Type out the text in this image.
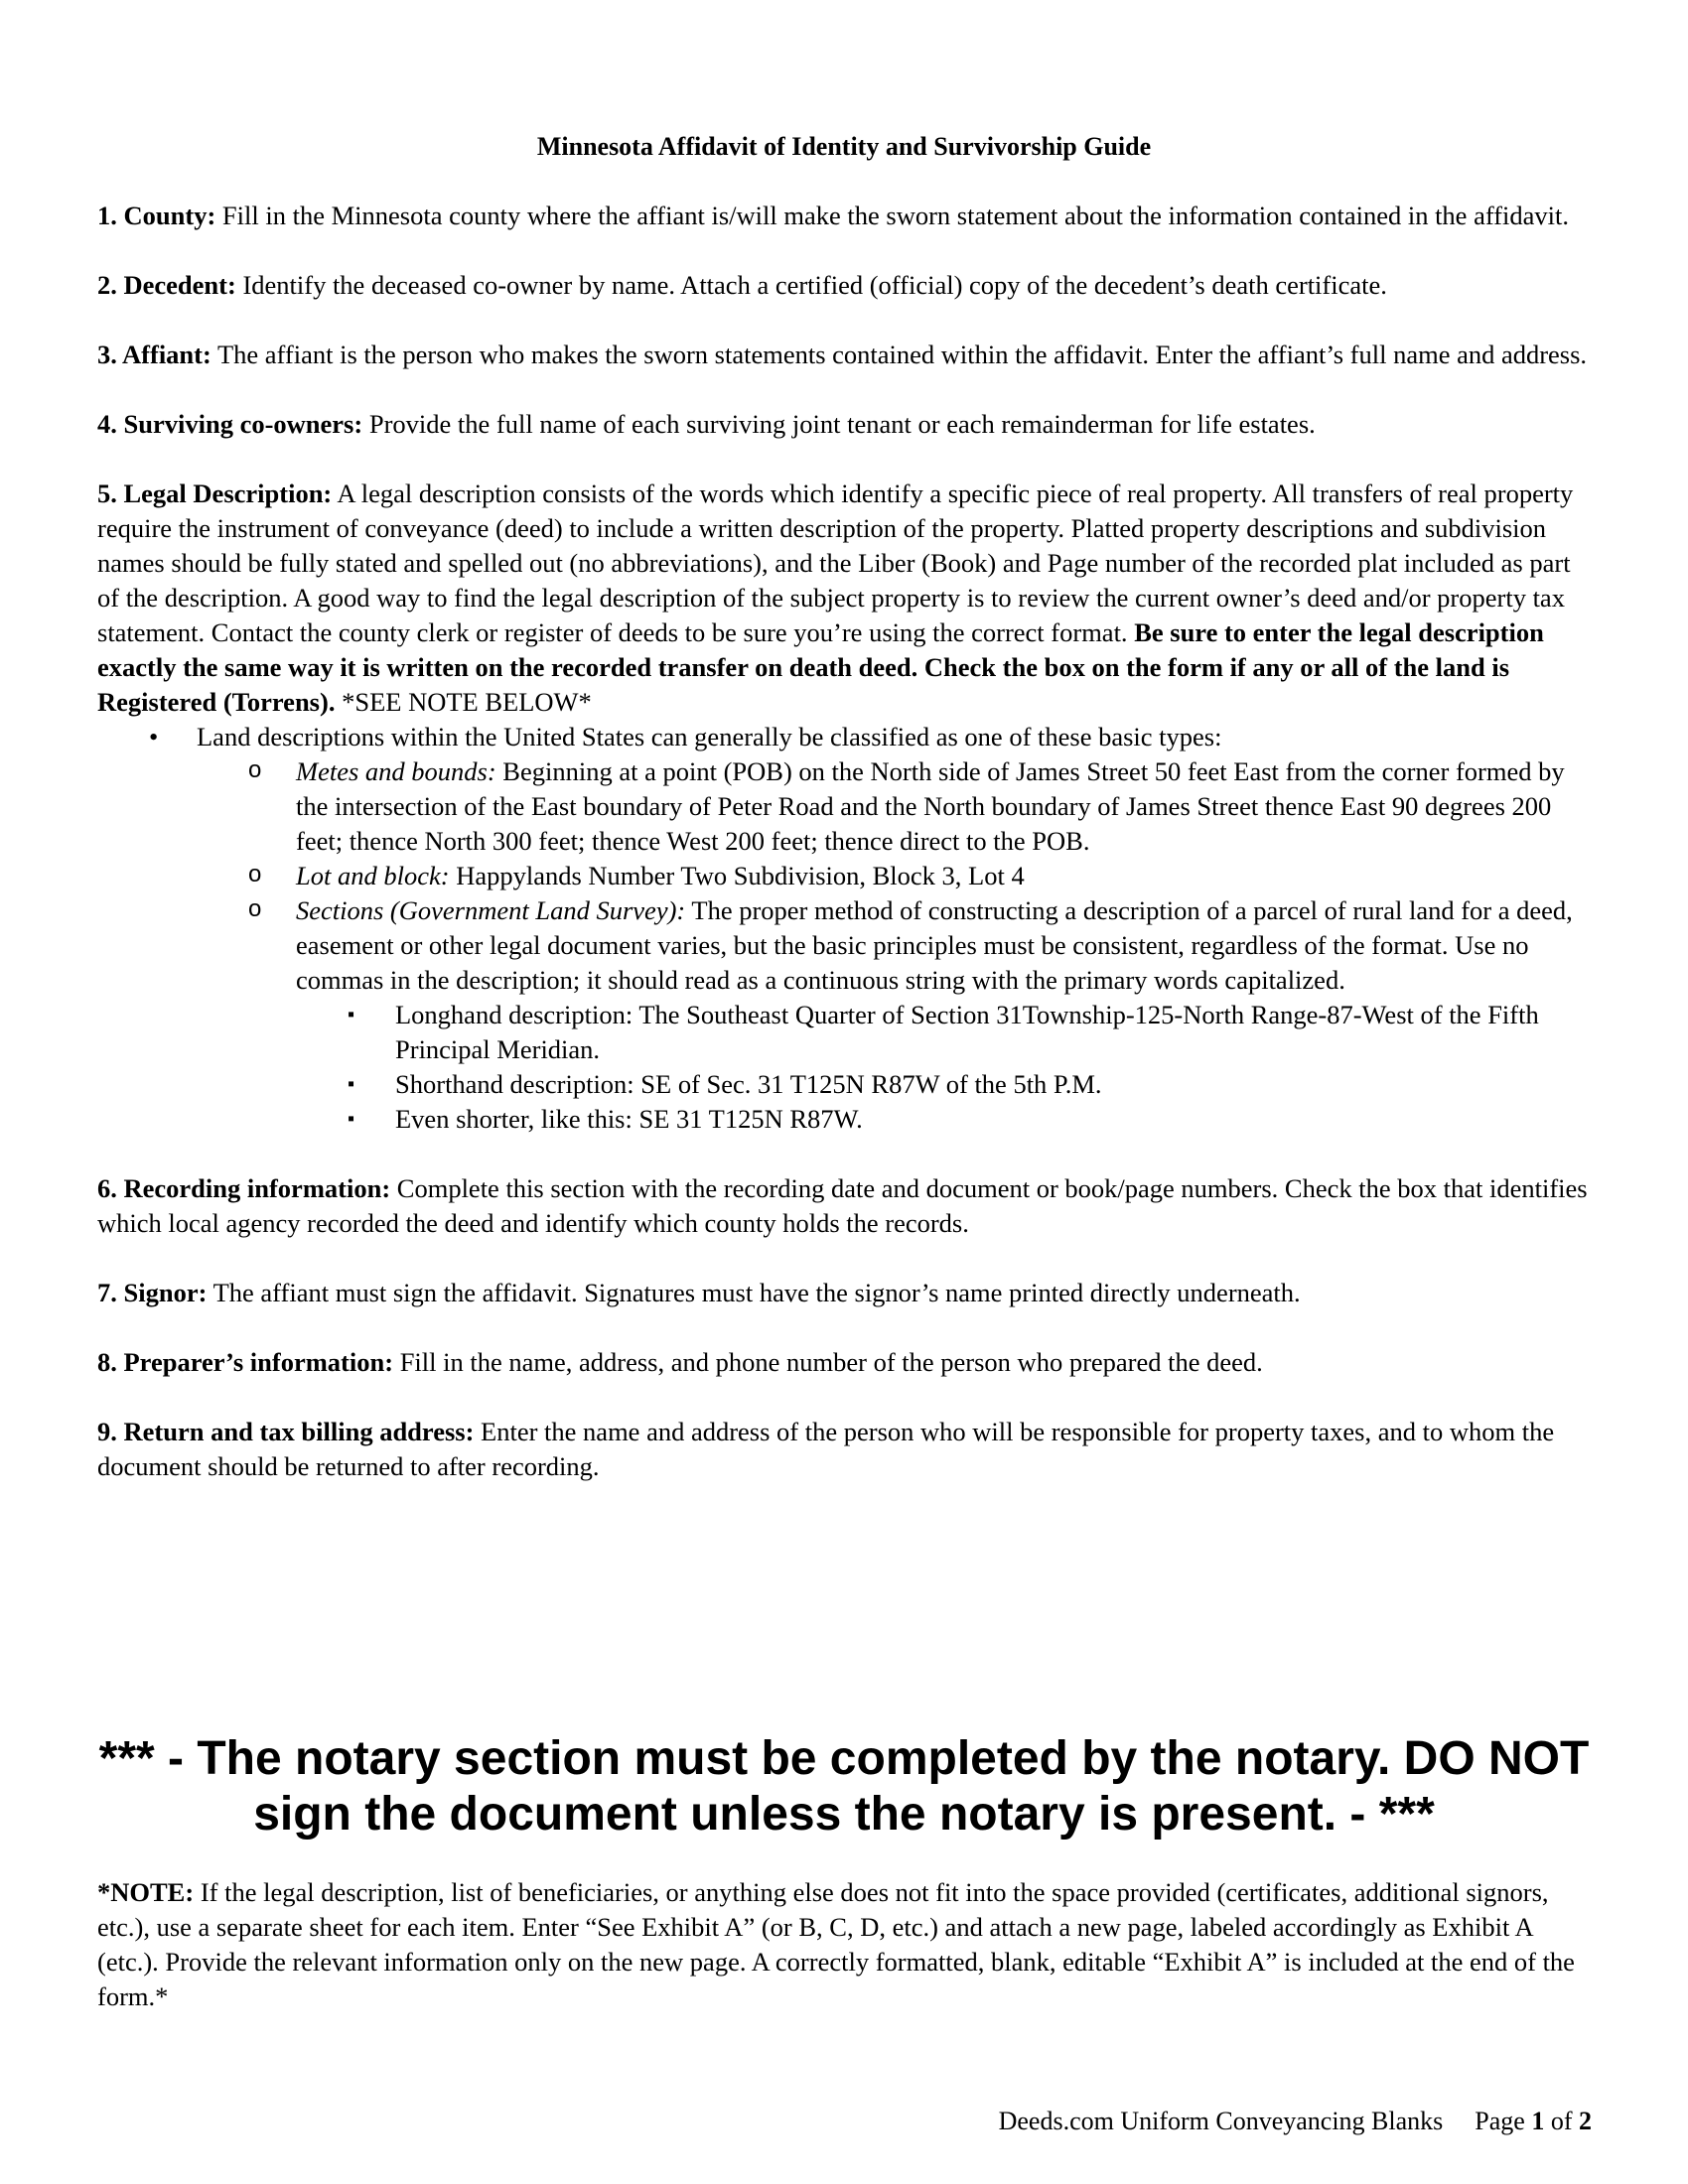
Minnesota Affidavit of Identity and Survivorship Guide

1. County: Fill in the Minnesota county where the affiant is/will make the sworn statement about the information contained in the affidavit.

2. Decedent: Identify the deceased co-owner by name. Attach a certified (official) copy of the decedent’s death certificate.

3. Affiant: The affiant is the person who makes the sworn statements contained within the affidavit. Enter the affiant’s full name and address.

4. Surviving co-owners: Provide the full name of each surviving joint tenant or each remainderman for life estates.

5. Legal Description: A legal description consists of the words which identify a specific piece of real property. All transfers of real property require the instrument of conveyance (deed) to include a written description of the property. Platted property descriptions and subdivision names should be fully stated and spelled out (no abbreviations), and the Liber (Book) and Page number of the recorded plat included as part of the description. A good way to find the legal description of the subject property is to review the current owner’s deed and/or property tax statement. Contact the county clerk or register of deeds to be sure you’re using the correct format. Be sure to enter the legal description exactly the same way it is written on the recorded transfer on death deed. Check the box on the form if any or all of the land is Registered (Torrens). *SEE NOTE BELOW*

• Land descriptions within the United States can generally be classified as one of these basic types:
o Metes and bounds: Beginning at a point (POB) on the North side of James Street 50 feet East from the corner formed by the intersection of the East boundary of Peter Road and the North boundary of James Street thence East 90 degrees 200 feet; thence North 300 feet; thence West 200 feet; thence direct to the POB.
o Lot and block: Happylands Number Two Subdivision, Block 3, Lot 4
o Sections (Government Land Survey): The proper method of constructing a description of a parcel of rural land for a deed, easement or other legal document varies, but the basic principles must be consistent, regardless of the format. Use no commas in the description; it should read as a continuous string with the primary words capitalized.
▪ Longhand description: The Southeast Quarter of Section 31Township-125-North Range-87-West of the Fifth Principal Meridian.
▪ Shorthand description: SE of Sec. 31 T125N R87W of the 5th P.M.
▪ Even shorter, like this: SE 31 T125N R87W.

6. Recording information: Complete this section with the recording date and document or book/page numbers. Check the box that identifies which local agency recorded the deed and identify which county holds the records.

7. Signor: The affiant must sign the affidavit. Signatures must have the signor’s name printed directly underneath.

8. Preparer’s information: Fill in the name, address, and phone number of the person who prepared the deed.

9. Return and tax billing address: Enter the name and address of the person who will be responsible for property taxes, and to whom the document should be returned to after recording.

*** - The notary section must be completed by the notary. DO NOT
sign the document unless the notary is present. - ***
*NOTE: If the legal description, list of beneficiaries, or anything else does not fit into the space provided (certificates, additional signors, etc.), use a separate sheet for each item. Enter “See Exhibit A” (or B, C, D, etc.) and attach a new page, labeled accordingly as Exhibit A (etc.). Provide the relevant information only on the new page. A correctly formatted, blank, editable “Exhibit A” is included at the end of the form.*
Deeds.com Uniform Conveyancing Blanks Page 1 of 2
